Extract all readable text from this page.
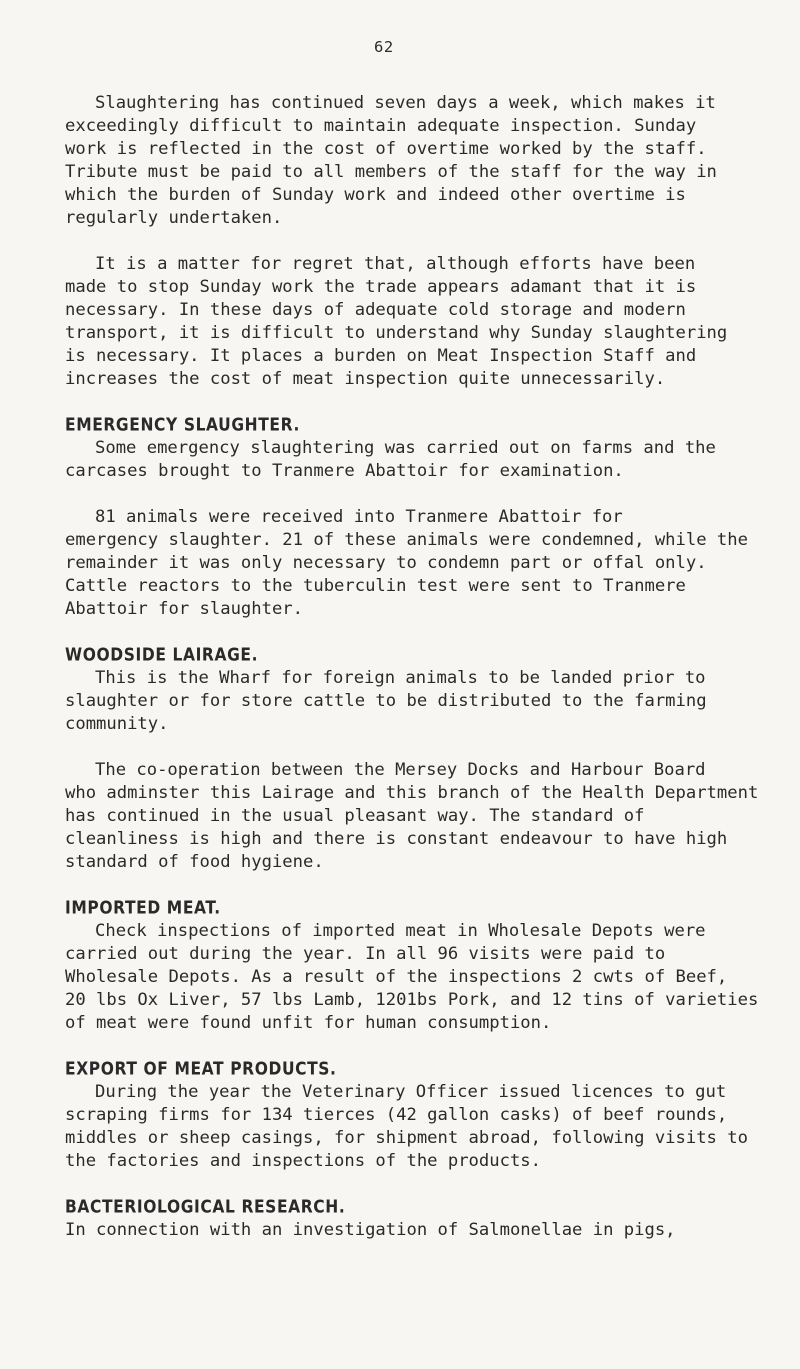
62

Slaughtering has continued seven days a week, which makes it
exceedingly difficult to maintain adequate inspection. Sunday
work is reflected in the cost of overtime worked by the staff.
Tribute must be paid to all members of the staff for the way in
which the burden of Sunday work and indeed other overtime is
regularly undertaken.

It is a matter for regret that, although efforts have been
made to stop Sunday work the trade appears adamant that it is
necessary. In these days of adequate cold storage and modern
transport, it is difficult to understand why Sunday slaughtering
is necessary. It places a burden on Meat Inspection Staff and
increases the cost of meat inspection quite unnecessarily.

EMERGENCY SLAUGHTER.

Some emergency slaughtering was carried out on farms and the
carcases brought to Tranmere Abattoir for examination.

81 animals were received into Tranmere Abattoir for
emergency slaughter. 21 of these animals were condemned, while the
remainder it was only necessary to condemn part or offal only.
Cattle reactors to the tuberculin test were sent to Tranmere
Abattoir for slaughter.

WOODSIDE LAIRAGE.

This is the Wharf for foreign animals to be landed prior to
slaughter or for store cattle to be distributed to the farming
community.

The co-operation between the Mersey Docks and Harbour Board
who adminster this Lairage and this branch of the Health Department
has continued in the usual pleasant way. The standard of
cleanliness is high and there is constant endeavour to have high
standard of food hygiene.

IMPORTED MEAT.

Check inspections of imported meat in Wholesale Depots were
carried out during the year. In all 96 visits were paid to
Wholesale Depots. As a result of the inspections 2 cwts of Beef,
20 lbs Ox Liver, 57 lbs Lamb, 1201bs Pork, and 12 tins of varieties
of meat were found unfit for human consumption.

EXPORT OF MEAT PRODUCTS.

During the year the Veterinary Officer issued licences to gut
scraping firms for 134 tierces (42 gallon casks) of beef rounds,
middles or sheep casings, for shipment abroad, following visits to
the factories and inspections of the products.

BACTERIOLOGICAL RESEARCH.

In connection with an investigation of Salmonellae in pigs,
